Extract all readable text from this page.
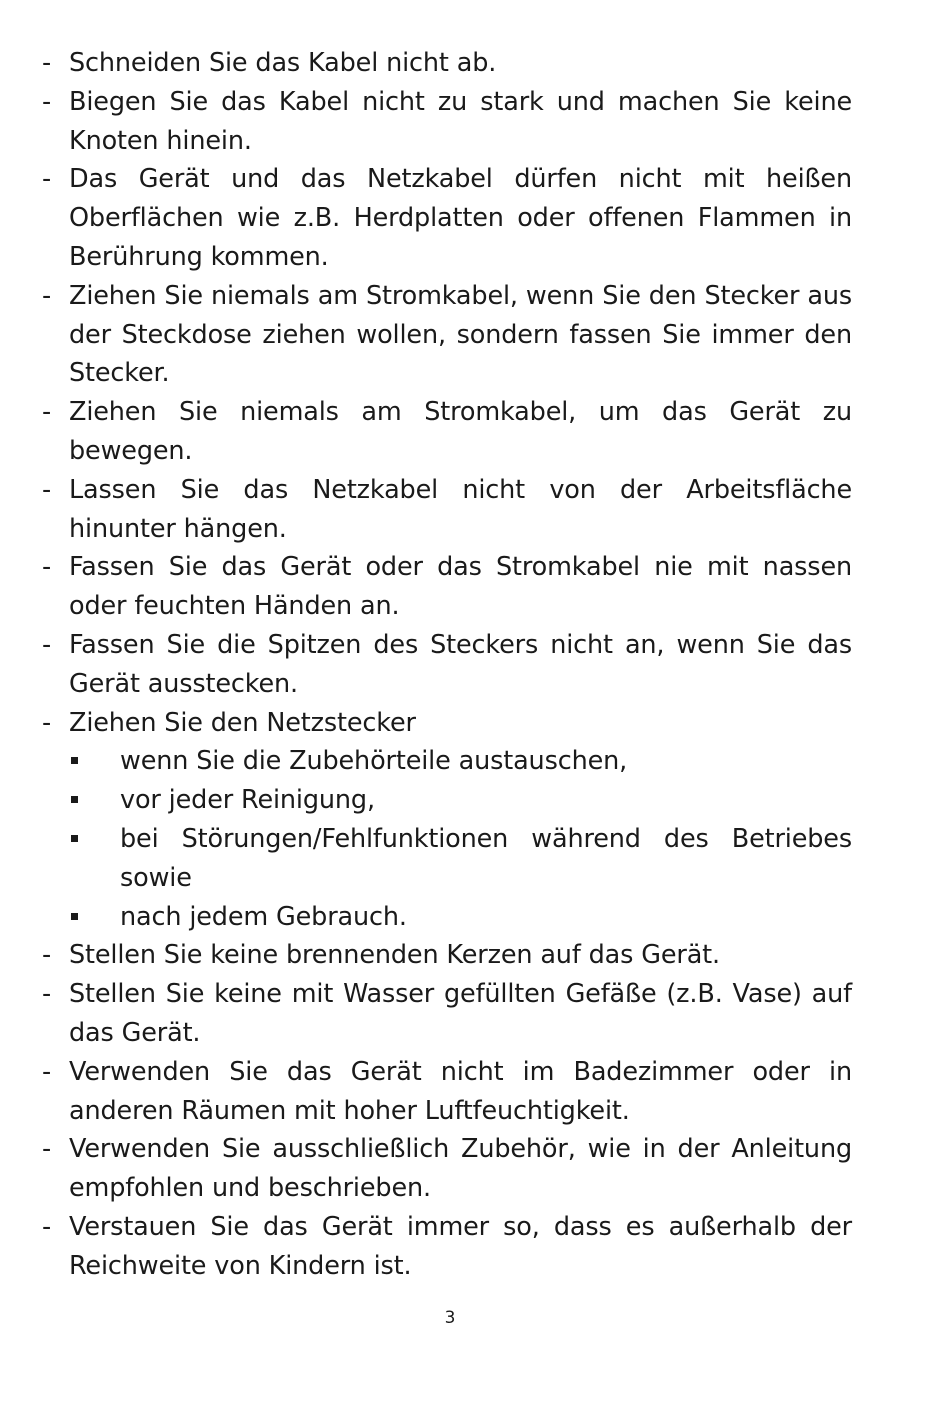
- Schneiden Sie das Kabel nicht ab.
- Biegen Sie das Kabel nicht zu stark und machen Sie keine Knoten hinein.
- Das Gerät und das Netzkabel dürfen nicht mit heißen Oberflächen wie z.B. Herdplatten oder offenen Flammen in Berührung kommen.
- Ziehen Sie niemals am Stromkabel, wenn Sie den Stecker aus der Steckdose ziehen wollen, sondern fassen Sie immer den Stecker.
- Ziehen Sie niemals am Stromkabel, um das Gerät zu bewegen.
- Lassen Sie das Netzkabel nicht von der Arbeitsfläche hinunter hängen.
- Fassen Sie das Gerät oder das Stromkabel nie mit nassen oder feuchten Händen an.
- Fassen Sie die Spitzen des Steckers nicht an, wenn Sie das Gerät ausstecken.
- Ziehen Sie den Netzstecker
wenn Sie die Zubehörteile austauschen,
vor jeder Reinigung,
bei Störungen/Fehlfunktionen während des Betriebes sowie
nach jedem Gebrauch.
- Stellen Sie keine brennenden Kerzen auf das Gerät.
- Stellen Sie keine mit Wasser gefüllten Gefäße (z.B. Vase) auf das Gerät.
- Verwenden Sie das Gerät nicht im Badezimmer oder in anderen Räumen mit hoher Luftfeuchtigkeit.
- Verwenden Sie ausschließlich Zubehör, wie in der Anleitung empfohlen und beschrieben.
- Verstauen Sie das Gerät immer so, dass es außerhalb der Reichweite von Kindern ist.
3
